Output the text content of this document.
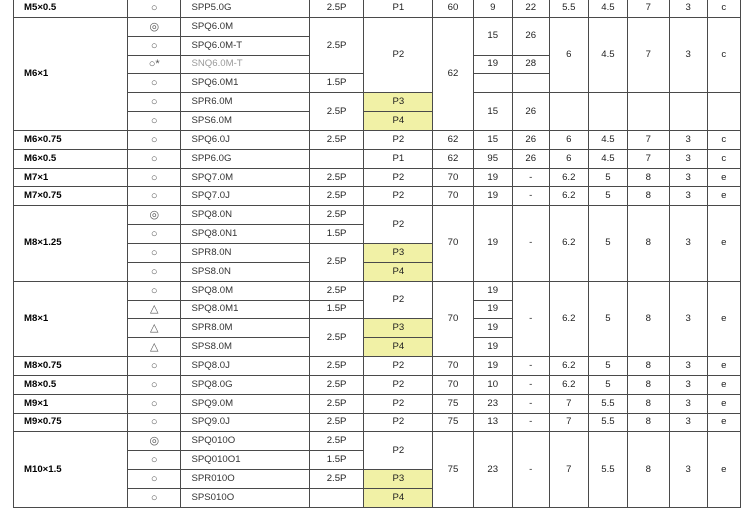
M5×0.5	○	SPP5.0G	2.5P	P1	60	9	22	5.5	4.5	7	3	c
M6×1	◎	SPQ6.0M	2.5P	P2	62	15	26	6	4.5	7	3	c
	○	SPQ6.0M-T										
	○*	SNQ6.0M-T				19	28					
	○	SPQ6.0M1	1.5P									
	○	SPR6.0M	2.5P	P3		15	26					
	○	SPS6.0M		P4								
M6×0.75	○	SPQ6.0J	2.5P	P2	62	15	26	6	4.5	7	3	c
M6×0.5	○	SPP6.0G		P1	62	95	26	6	4.5	7	3	c
M7×1	○	SPQ7.0M	2.5P	P2	70	19	-	6.2	5	8	3	e
M7×0.75	○	SPQ7.0J	2.5P	P2	70	19	-	6.2	5	8	3	e
M8×1.25	◎	SPQ8.0N	2.5P	P2	70	19	-	6.2	5	8	3	e
	○	SPQ8.0N1	1.5P									
	○	SPR8.0N	2.5P	P3								
	○	SPS8.0N		P4								
M8×1	○	SPQ8.0M	2.5P	P2	70	19	-	6.2	5	8	3	e
	△	SPQ8.0M1	1.5P			19						
	△	SPR8.0M	2.5P	P3		19						
	△	SPS8.0M		P4		19						
M8×0.75	○	SPQ8.0J	2.5P	P2	70	19	-	6.2	5	8	3	e
M8×0.5	○	SPQ8.0G	2.5P	P2	70	10	-	6.2	5	8	3	e
M9×1	○	SPQ9.0M	2.5P	P2	75	23	-	7	5.5	8	3	e
M9×0.75	○	SPQ9.0J	2.5P	P2	75	13	-	7	5.5	8	3	e
M10×1.5	◎	SPQ010O	2.5P	P2	75	23	-	7	5.5	8	3	e
	○	SPQ010O1	1.5P									
	○	SPR010O	2.5P	P3								
	○	SPS010O		P4								
